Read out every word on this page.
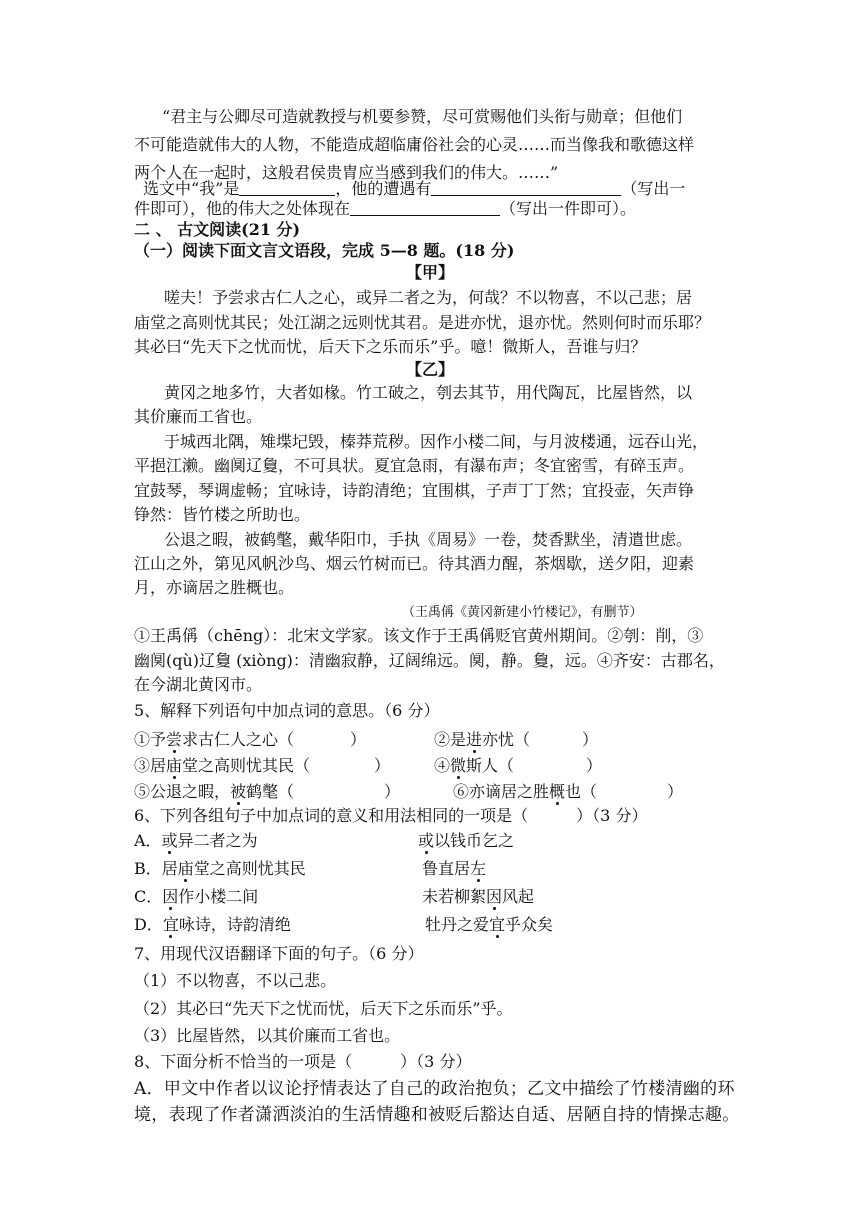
“君主与公卿尽可造就教授与机要参赞，尽可赏赐他们头衔与勋章；但他们
不可能造就伟大的人物，不能造成超临庸俗社会的心灵……而当像我和歌德这样
两个人在一起时，这般君侯贵胄应当感到我们的伟大。……”
选文中“我”是	，他的遭遇有	（写出一
件即可），他的伟大之处体现在	（写出一件即可）。
二 、 古文阅读(21 分)
（一）阅读下面文言文语段，完成 5—8 题。(18 分)
【甲】
嗟夫！予尝求古仁人之心，或异二者之为，何哉？不以物喜，不以己悲；居
庙堂之高则忧其民；处江湖之远则忧其君。是进亦忧，退亦忧。然则何时而乐耶？
其必曰“先天下之忧而忧，后天下之乐而乐”乎。噫！微斯人，吾谁与归？
【乙】
黄冈之地多竹，大者如椽。竹工破之，刳去其节，用代陶瓦，比屋皆然，以
其价廉而工省也。
于城西北隅，雉堞圮毁，榛莽荒秽。因作小楼二间，与月波楼通，远吞山光，
平挹江濑。幽阒辽敻，不可具状。夏宜急雨，有瀑布声；冬宜密雪，有碎玉声。
宜鼓琴，琴调虚畅；宜咏诗，诗韵清绝；宜围棋，子声丁丁然；宜投壶，矢声铮
铮然：皆竹楼之所助也。
公退之暇，被鹤氅，戴华阳巾，手执《周易》一卷，焚香默坐，清遣世虑。
江山之外，第见风帆沙鸟、烟云竹树而已。待其酒力醒，茶烟歇，送夕阳，迎素
月，亦谪居之胜概也。
（王禹偁《黄冈新建小竹楼记》，有删节）
①王禹偁（chēng）：北宋文学家。该文作于王禹偁贬官黄州期间。②刳：削，③
幽阒(qù)辽敻 (xiòng)：清幽寂静，辽阔绵远。阒，静。敻，远。④齐安：古郡名，
在今湖北黄冈市。
5、解释下列语句中加点词的意思。（6 分）
①予尝求古仁人之心（	）	②是进亦忧（	）
③居庙堂之高则忧其民（	）	④微斯人（	）
⑤公退之暇，被鹤氅（	）	⑥亦谪居之胜概也（	）
6、下列各组句子中加点词的意义和用法相同的一项是（　　　）（3 分）
A．或异二者之为	或以钱币乞之
B．居庙堂之高则忧其民	鲁直居左
C．因作小楼二间	未若柳絮因风起
D．宜咏诗，诗韵清绝	牡丹之爱宜乎众矣
7、用现代汉语翻译下面的句子。（6 分）
（1）不以物喜，不以己悲。
（2）其必曰“先天下之忧而忧，后天下之乐而乐”乎。
（3）比屋皆然，以其价廉而工省也。
8、下面分析不恰当的一项是（　　　）（3 分）
A．甲文中作者以议论抒情表达了自己的政治抱负；乙文中描绘了竹楼清幽的环
境，表现了作者潇洒淡泊的生活情趣和被贬后豁达自适、居陋自持的情操志趣。
